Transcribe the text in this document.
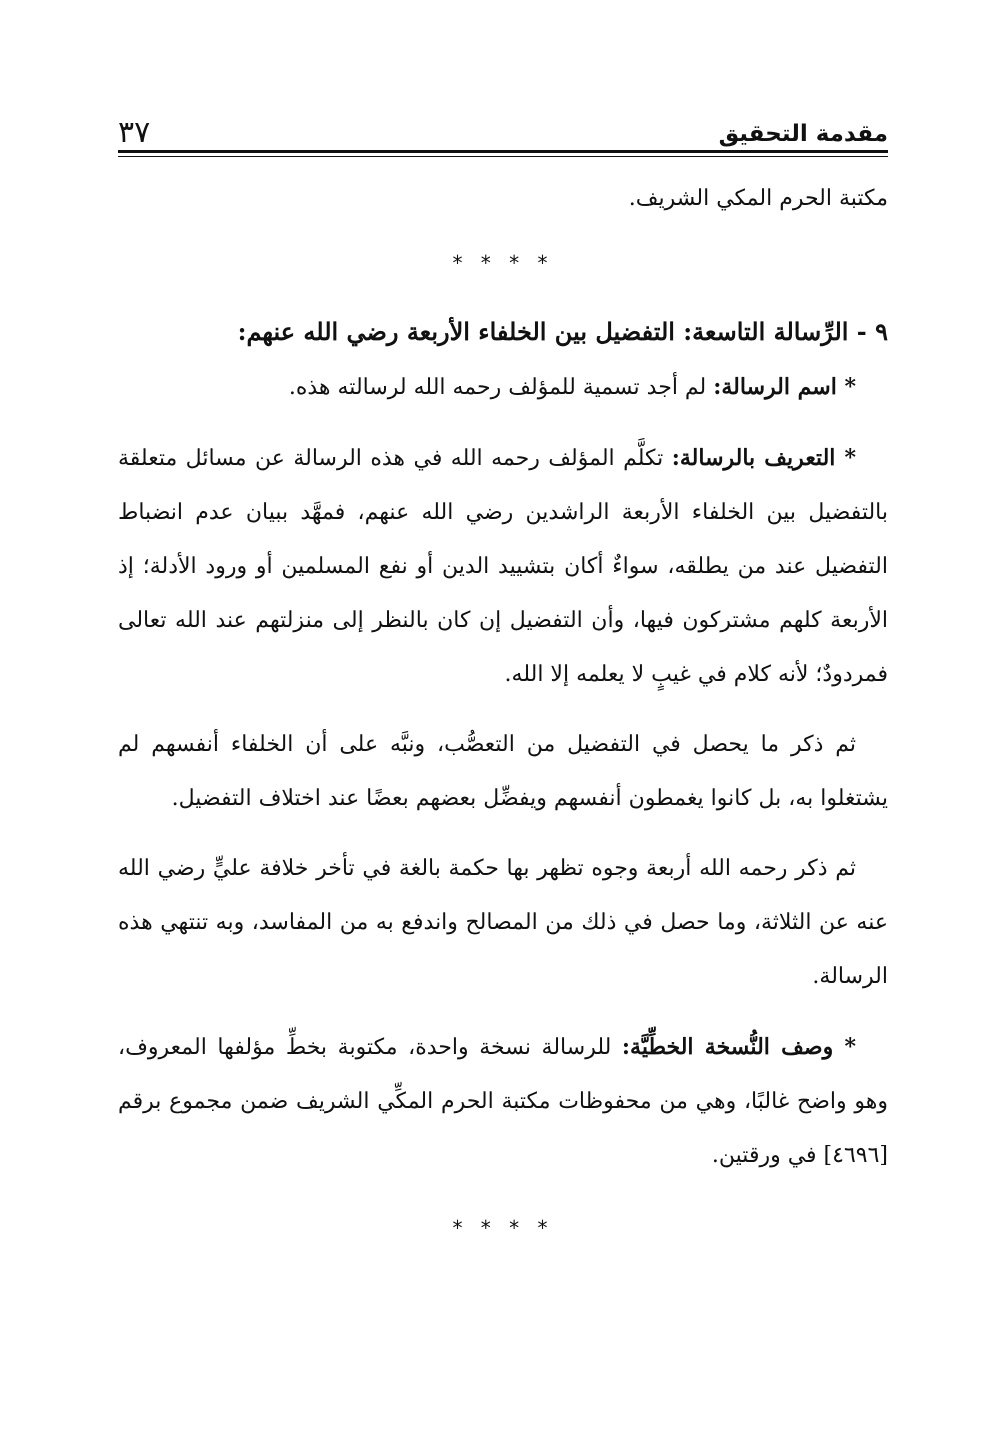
مقدمة التحقيق
٣٧

مكتبة الحرم المكي الشريف.

* * * *

٩ - الرِّسالة التاسعة: التفضيل بين الخلفاء الأربعة رضي الله عنهم:

* اسم الرسالة: لم أجد تسمية للمؤلف رحمه الله لرسالته هذه.

* التعريف بالرسالة: تكلَّم المؤلف رحمه الله في هذه الرسالة عن مسائل متعلقة بالتفضيل بين الخلفاء الأربعة الراشدين رضي الله عنهم، فمهَّد ببيان عدم انضباط التفضيل عند من يطلقه، سواءٌ أكان بتشييد الدين أو نفع المسلمين أو ورود الأدلة؛ إذ الأربعة كلهم مشتركون فيها، وأن التفضيل إن كان بالنظر إلى منزلتهم عند الله تعالى فمردودٌ؛ لأنه كلام في غيبٍ لا يعلمه إلا الله.

ثم ذكر ما يحصل في التفضيل من التعصُّب، ونبَّه على أن الخلفاء أنفسهم لم يشتغلوا به، بل كانوا يغمطون أنفسهم ويفضِّل بعضهم بعضًا عند اختلاف التفضيل.

ثم ذكر رحمه الله أربعة وجوه تظهر بها حكمة بالغة في تأخر خلافة عليٍّ رضي الله عنه عن الثلاثة، وما حصل في ذلك من المصالح واندفع به من المفاسد، وبه تنتهي هذه الرسالة.

* وصف النُّسخة الخطِّيَّة: للرسالة نسخة واحدة، مكتوبة بخطِّ مؤلفها المعروف، وهو واضح غالبًا، وهي من محفوظات مكتبة الحرم المكِّي الشريف ضمن مجموع برقم [٤٦٩٦] في ورقتين.

* * * *
